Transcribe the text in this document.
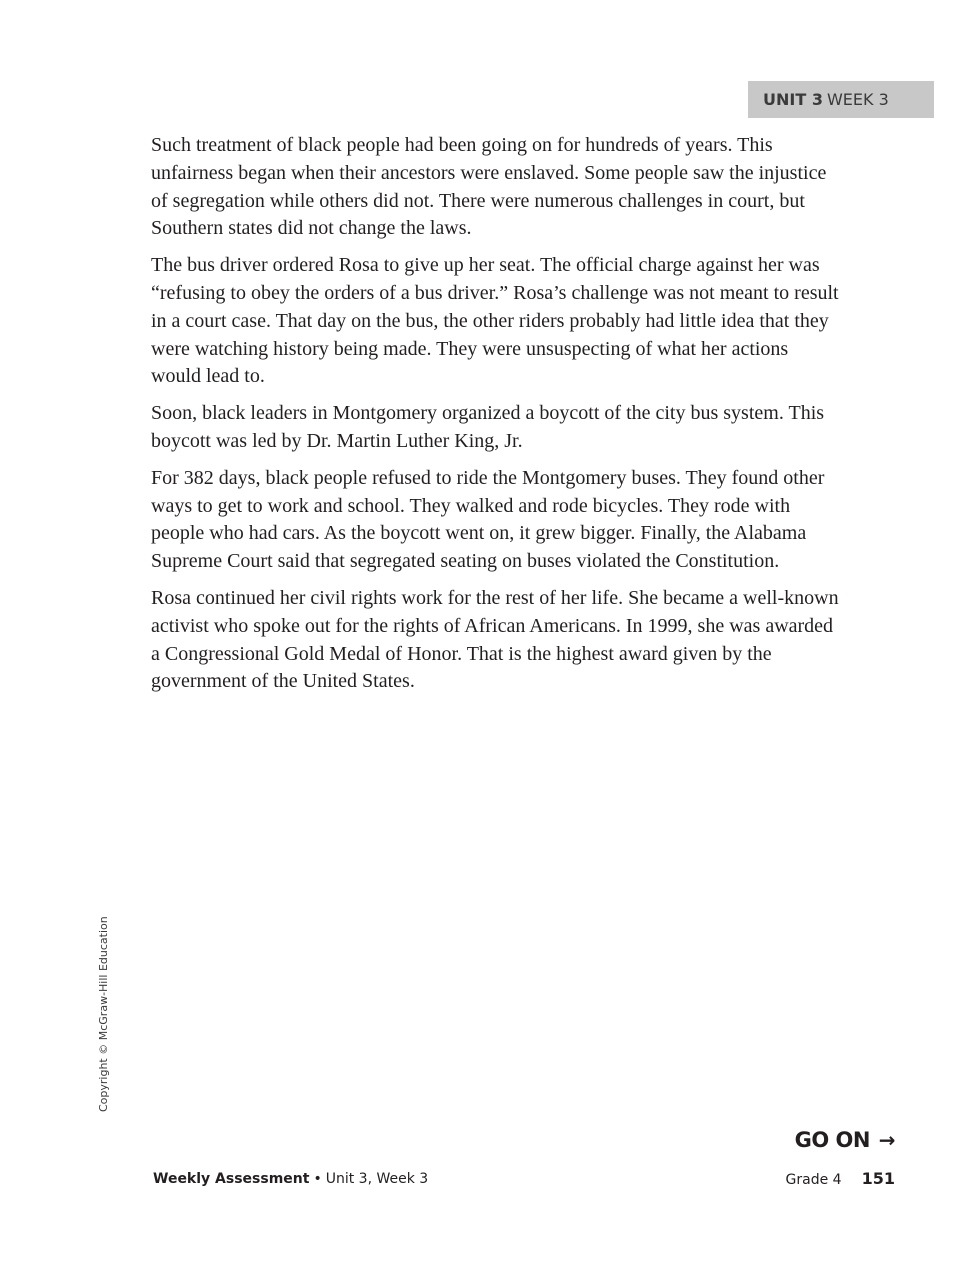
UNIT 3 WEEK 3

Such treatment of black people had been going on for hundreds of years. This unfairness began when their ancestors were enslaved. Some people saw the injustice of segregation while others did not. There were numerous challenges in court, but Southern states did not change the laws.

The bus driver ordered Rosa to give up her seat. The official charge against her was “refusing to obey the orders of a bus driver.” Rosa’s challenge was not meant to result in a court case. That day on the bus, the other riders probably had little idea that they were watching history being made. They were unsuspecting of what her actions would lead to.

Soon, black leaders in Montgomery organized a boycott of the city bus system. This boycott was led by Dr. Martin Luther King, Jr.

For 382 days, black people refused to ride the Montgomery buses. They found other ways to get to work and school. They walked and rode bicycles. They rode with people who had cars. As the boycott went on, it grew bigger. Finally, the Alabama Supreme Court said that segregated seating on buses violated the Constitution.

Rosa continued her civil rights work for the rest of her life. She became a well-known activist who spoke out for the rights of African Americans. In 1999, she was awarded a Congressional Gold Medal of Honor. That is the highest award given by the government of the United States.

Copyright © McGraw-Hill Education
GO ON →
Weekly Assessment • Unit 3, Week 3	Grade 4 151
